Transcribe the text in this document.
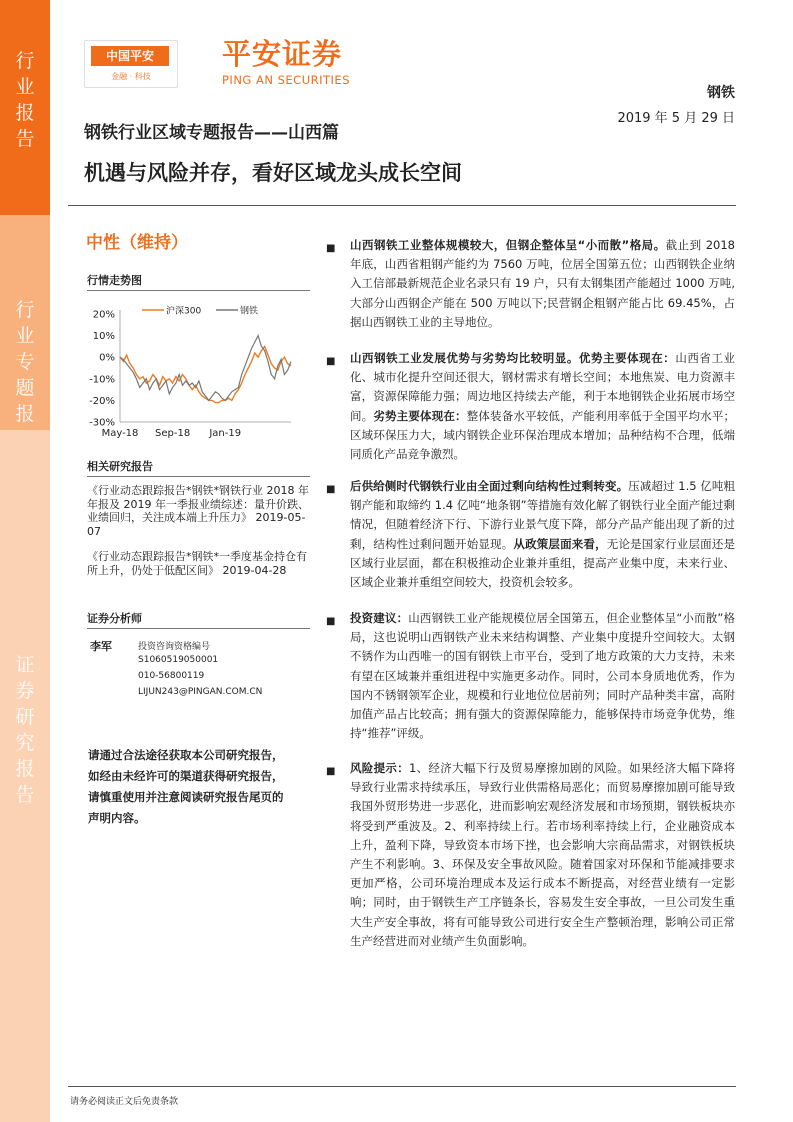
行业报告
行业专题报
证券研究报告
中国平安
金融 · 科技
平安证券
PING AN SECURITIES
钢铁
2019 年 5 月 29 日
钢铁行业区域专题报告——山西篇
机遇与风险并存，看好区域龙头成长空间
中性（维持）
行情走势图
20%
10%
0%
-10%
-20%
-30%
May-18 Sep-18 Jan-19
沪深300	钢铁
相关研究报告
《行业动态跟踪报告*钢铁*钢铁行业 2018 年年报及 2019 年一季报业绩综述：量升价跌、业绩回归，关注成本端上升压力》 2019-05-07
《行业动态跟踪报告*钢铁*一季度基金持仓有所上升，仍处于低配区间》 2019-04-28
证券分析师
李军	投资咨询资格编号
S1060519050001
010-56800119
LIJUN243@PINGAN.COM.CN
请通过合法途径获取本公司研究报告，如经由未经许可的渠道获得研究报告，请慎重使用并注意阅读研究报告尾页的声明内容。
■ 山西钢铁工业整体规模较大，但钢企整体呈“小而散”格局。截止到 2018 年底，山西省粗钢产能约为 7560 万吨，位居全国第五位；山西钢铁企业纳入工信部最新规范企业名录只有 19 户，只有太钢集团产能超过 1000 万吨,大部分山西钢企产能在 500 万吨以下;民营钢企粗钢产能占比 69.45%，占据山西钢铁工业的主导地位。
■ 山西钢铁工业发展优势与劣势均比较明显。优势主要体现在：山西省工业化、城市化提升空间还很大，钢材需求有增长空间；本地焦炭、电力资源丰富，资源保障能力强；周边地区持续去产能，利于本地钢铁企业拓展市场空间。劣势主要体现在：整体装备水平较低，产能利用率低于全国平均水平；区域环保压力大，域内钢铁企业环保治理成本增加；品种结构不合理，低端同质化产品竞争激烈。
■ 后供给侧时代钢铁行业由全面过剩向结构性过剩转变。压减超过 1.5 亿吨粗钢产能和取缔约 1.4 亿吨“地条钢”等措施有效化解了钢铁行业全面产能过剩情况，但随着经济下行、下游行业景气度下降，部分产品产能出现了新的过剩，结构性过剩问题开始显现。从政策层面来看，无论是国家行业层面还是区域行业层面，都在积极推动企业兼并重组，提高产业集中度，未来行业、区域企业兼并重组空间较大，投资机会较多。
■ 投资建议：山西钢铁工业产能规模位居全国第五，但企业整体呈“小而散”格局，这也说明山西钢铁产业未来结构调整、产业集中度提升空间较大。太钢不锈作为山西唯一的国有钢铁上市平台，受到了地方政策的大力支持，未来有望在区域兼并重组进程中实施更多动作。同时，公司本身质地优秀，作为国内不锈钢领军企业，规模和行业地位位居前列；同时产品种类丰富，高附加值产品占比较高；拥有强大的资源保障能力，能够保持市场竞争优势，维持“推荐”评级。
■ 风险提示：1、经济大幅下行及贸易摩擦加剧的风险。如果经济大幅下降将导致行业需求持续承压，导致行业供需格局恶化；而贸易摩擦加剧可能导致我国外贸形势进一步恶化，进而影响宏观经济发展和市场预期，钢铁板块亦将受到严重波及。2、利率持续上行。若市场利率持续上行，企业融资成本上升，盈利下降，导致资本市场下挫，也会影响大宗商品需求，对钢铁板块产生不利影响。3、环保及安全事故风险。随着国家对环保和节能减排要求更加严格，公司环境治理成本及运行成本不断提高，对经营业绩有一定影响；同时，由于钢铁生产工序链条长，容易发生安全事故，一旦公司发生重大生产安全事故，将有可能导致公司进行安全生产整顿治理，影响公司正常生产经营进而对业绩产生负面影响。
请务必阅读正文后免责条款
